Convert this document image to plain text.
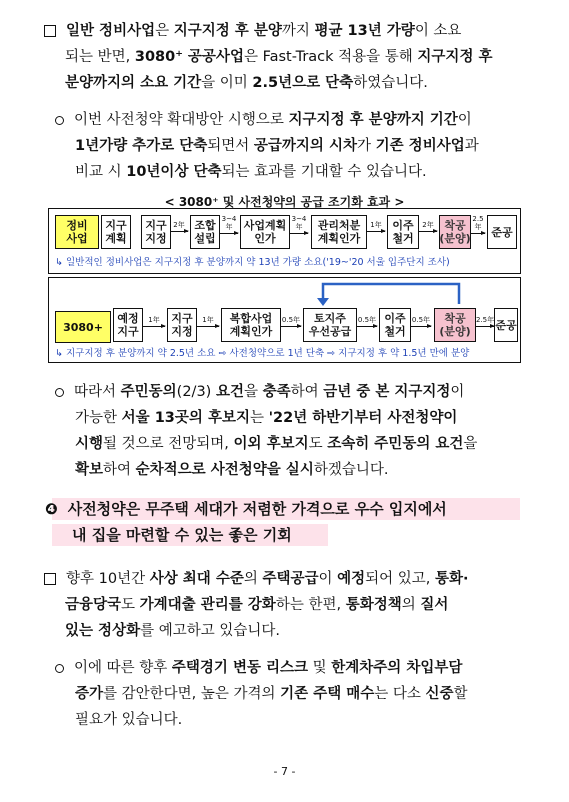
일반 정비사업은 지구지정 후 분양까지 평균 13년 가량이 소요
되는 반면, 3080⁺ 공공사업은 Fast-Track 적용을 통해 지구지정 후
분양까지의 소요 기간을 이미 2.5년으로 단축하였습니다.
이번 사전청약 확대방안 시행으로 지구지정 후 분양까지 기간이
1년가량 추가로 단축되면서 공급까지의 시차가 기존 정비사업과
비교 시 10년이상 단축되는 효과를 기대할 수 있습니다.
< 3080⁺ 및 사전청약의 공급 조기화 효과 >
정비
사업
지구
계획
지구
지정
2年 조합
설립
3~4
年	사업계획
인가
3~4
年	관리처분
계획인가
1年 이주
철거
2年 착공
(분양)
2.5
年 준공
↳ 일반적인 정비사업은 지구지정 후 분양까지 약 13년 가량 소요('19~'20 서울 입주단지 조사)
3080+
예정
지구
1年	지구
지정
1年	복합사업
계획인가
0.5年	토지주
우선공급
0.5年 이주
철거
0.5年	착공
(분양)
2.5年 준공
↳ 지구지정 후 분양까지 약 2.5년 소요 ⇨ 사전청약으로 1년 단축 ⇨ 지구지정 후 약 1.5년 만에 분양
따라서 주민동의(2/3) 요건을 충족하여 금년 중 본 지구지정이
가능한 서울 13곳의 후보지는 '22년 하반기부터 사전청약이
시행될 것으로 전망되며, 이외 후보지도 조속히 주민동의 요건을
확보하여 순차적으로 사전청약을 실시하겠습니다.
❹ 사전청약은 무주택 세대가 저렴한 가격으로 우수 입지에서
내 집을 마련할 수 있는 좋은 기회
향후 10년간 사상 최대 수준의 주택공급이 예정되어 있고, 통화·
금융당국도 가계대출 관리를 강화하는 한편, 통화정책의 질서
있는 정상화를 예고하고 있습니다.
이에 따른 향후 주택경기 변동 리스크 및 한계차주의 차입부담
증가를 감안한다면, 높은 가격의 기존 주택 매수는 다소 신중할
필요가 있습니다.
- 7 -
